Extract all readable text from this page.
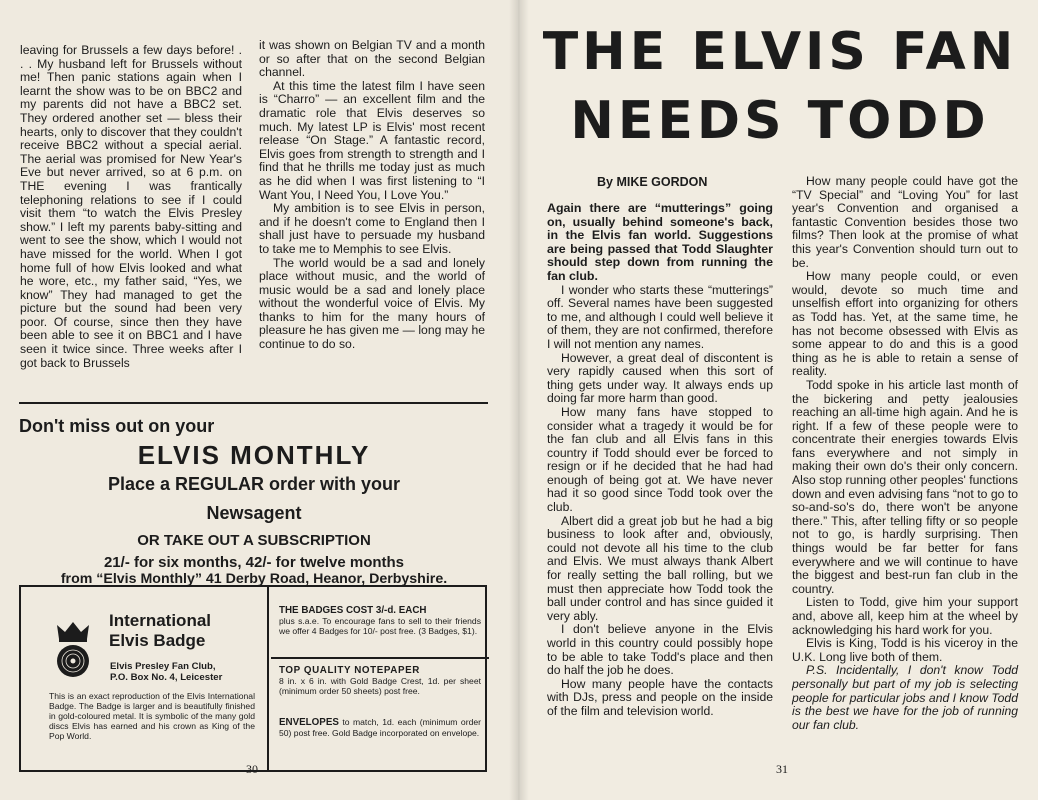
leaving for Brussels a few days before! . . . My husband left for Brussels without me! Then panic stations again when I learnt the show was to be on BBC2 and my parents did not have a BBC2 set. They ordered another set — bless their hearts, only to discover that they couldn't receive BBC2 without a special aerial. The aerial was promised for New Year's Eve but never arrived, so at 6 p.m. on THE evening I was frantically telephoning relations to see if I could visit them “to watch the Elvis Presley show.” I left my parents baby-sitting and went to see the show, which I would not have missed for the world. When I got home full of how Elvis looked and what he wore, etc., my father said, “Yes, we know” They had managed to get the picture but the sound had been very poor. Of course, since then they have been able to see it on BBC1 and I have seen it twice since. Three weeks after I got back to Brussels

it was shown on Belgian TV and a month or so after that on the second Belgian channel.

At this time the latest film I have seen is “Charro” — an excellent film and the dramatic role that Elvis deserves so much. My latest LP is Elvis' most recent release “On Stage.” A fantastic record, Elvis goes from strength to strength and I find that he thrills me today just as much as he did when I was first listening to “I Want You, I Need You, I Love You.”

My ambition is to see Elvis in person, and if he doesn't come to England then I shall just have to persuade my husband to take me to Memphis to see Elvis.

The world would be a sad and lonely place without music, and the world of music would be a sad and lonely place without the wonderful voice of Elvis. My thanks to him for the many hours of pleasure he has given me — long may he continue to do so.

Don't miss out on your
ELVIS MONTHLY
Place a REGULAR order with your
Newsagent
OR TAKE OUT A SUBSCRIPTION
21/- for six months, 42/- for twelve months
from “Elvis Monthly” 41 Derby Road, Heanor, Derbyshire.
International
Elvis Badge
Elvis Presley Fan Club,
P.O. Box No. 4, Leicester
This is an exact reproduction of the Elvis International Badge. The Badge is larger and is beautifully finished in gold-coloured metal. It is symbolic of the many gold discs Elvis has earned and his crown as King of the Pop World.
THE BADGES COST 3/-d. EACH
plus s.a.e. To encourage fans to sell to their friends we offer 4 Badges for 10/- post free. (3 Badges, $1).
TOP QUALITY NOTEPAPER
8 in. x 6 in. with Gold Badge Crest, 1d. per sheet (minimum order 50 sheets) post free.
ENVELOPES to match, 1d. each (minimum order 50) post free. Gold Badge incorporated on envelope.
30
THE ELVIS FAN
NEEDS TODD
By MIKE GORDON

Again there are “mutterings” going on, usually behind someone's back, in the Elvis fan world. Suggestions are being passed that Todd Slaughter should step down from running the fan club.

I wonder who starts these “mutterings” off. Several names have been suggested to me, and although I could well believe it of them, they are not confirmed, therefore I will not mention any names.

However, a great deal of discontent is very rapidly caused when this sort of thing gets under way. It always ends up doing far more harm than good.

How many fans have stopped to consider what a tragedy it would be for the fan club and all Elvis fans in this country if Todd should ever be forced to resign or if he decided that he had had enough of being got at. We have never had it so good since Todd took over the club.

Albert did a great job but he had a big business to look after and, obviously, could not devote all his time to the club and Elvis. We must always thank Albert for really setting the ball rolling, but we must then appreciate how Todd took the ball under control and has since guided it very ably.

I don't believe anyone in the Elvis world in this country could possibly hope to be able to take Todd's place and then do half the job he does.

How many people have the contacts with DJs, press and people on the inside of the film and television world.

How many people could have got the “TV Special” and “Loving You” for last year's Convention and organised a fantastic Convention besides those two films? Then look at the promise of what this year's Convention should turn out to be.

How many people could, or even would, devote so much time and unselfish effort into organizing for others as Todd has. Yet, at the same time, he has not become obsessed with Elvis as some appear to do and this is a good thing as he is able to retain a sense of reality.

Todd spoke in his article last month of the bickering and petty jealousies reaching an all-time high again. And he is right. If a few of these people were to concentrate their energies towards Elvis fans everywhere and not simply in making their own do's their only concern. Also stop running other peoples' functions down and even advising fans “not to go to so-and-so's do, there won't be anyone there.” This, after telling fifty or so people not to go, is hardly surprising. Then things would be far better for fans everywhere and we will continue to have the biggest and best-run fan club in the country.

Listen to Todd, give him your support and, above all, keep him at the wheel by acknowledging his hard work for you.

Elvis is King, Todd is his viceroy in the U.K. Long live both of them.

P.S. Incidentally, I don't know Todd personally but part of my job is selecting people for particular jobs and I know Todd is the best we have for the job of running our fan club.

31
